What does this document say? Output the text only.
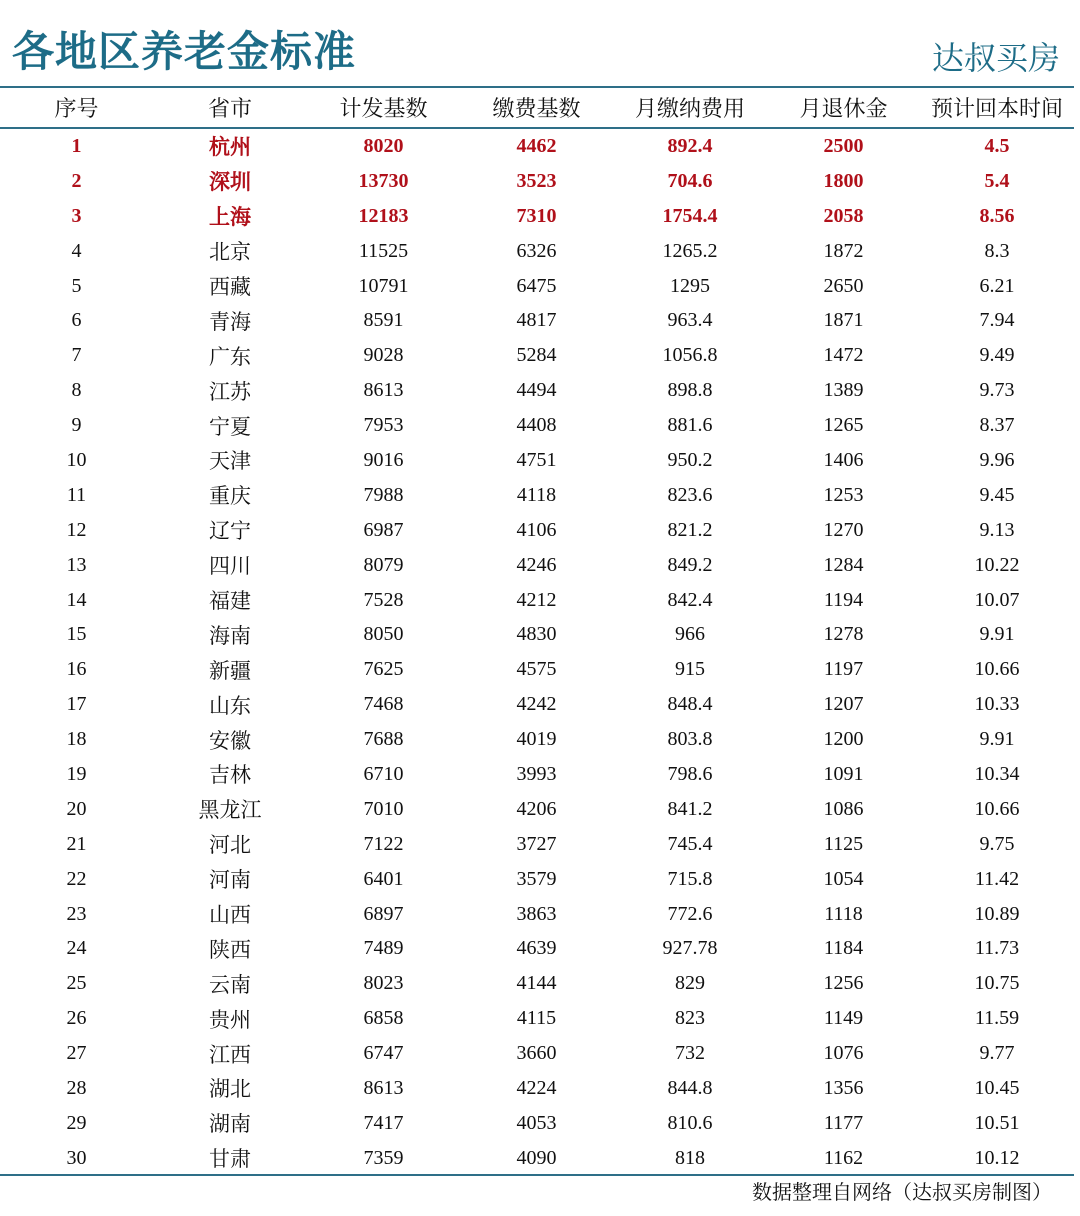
各地区养老金标准	达叔买房
序号	省市	计发基数	缴费基数	月缴纳费用	月退休金	预计回本时间

1	杭州	8020	4462	892.4	2500	4.5
2	深圳	13730	3523	704.6	1800	5.4
3	上海	12183	7310	1754.4	2058	8.56
4	北京	11525	6326	1265.2	1872	8.3
5	西藏	10791	6475	1295	2650	6.21
6	青海	8591	4817	963.4	1871	7.94
7	广东	9028	5284	1056.8	1472	9.49
8	江苏	8613	4494	898.8	1389	9.73
9	宁夏	7953	4408	881.6	1265	8.37
10	天津	9016	4751	950.2	1406	9.96
11	重庆	7988	4118	823.6	1253	9.45
12	辽宁	6987	4106	821.2	1270	9.13
13	四川	8079	4246	849.2	1284	10.22
14	福建	7528	4212	842.4	1194	10.07
15	海南	8050	4830	966	1278	9.91
16	新疆	7625	4575	915	1197	10.66
17	山东	7468	4242	848.4	1207	10.33
18	安徽	7688	4019	803.8	1200	9.91
19	吉林	6710	3993	798.6	1091	10.34
20	黑龙江	7010	4206	841.2	1086	10.66
21	河北	7122	3727	745.4	1125	9.75
22	河南	6401	3579	715.8	1054	11.42
23	山西	6897	3863	772.6	1118	10.89
24	陕西	7489	4639	927.78	1184	11.73
25	云南	8023	4144	829	1256	10.75
26	贵州	6858	4115	823	1149	11.59
27	江西	6747	3660	732	1076	9.77
28	湖北	8613	4224	844.8	1356	10.45
29	湖南	7417	4053	810.6	1177	10.51
30	甘肃	7359	4090	818	1162	10.12
数据整理自网络（达叔买房制图）
